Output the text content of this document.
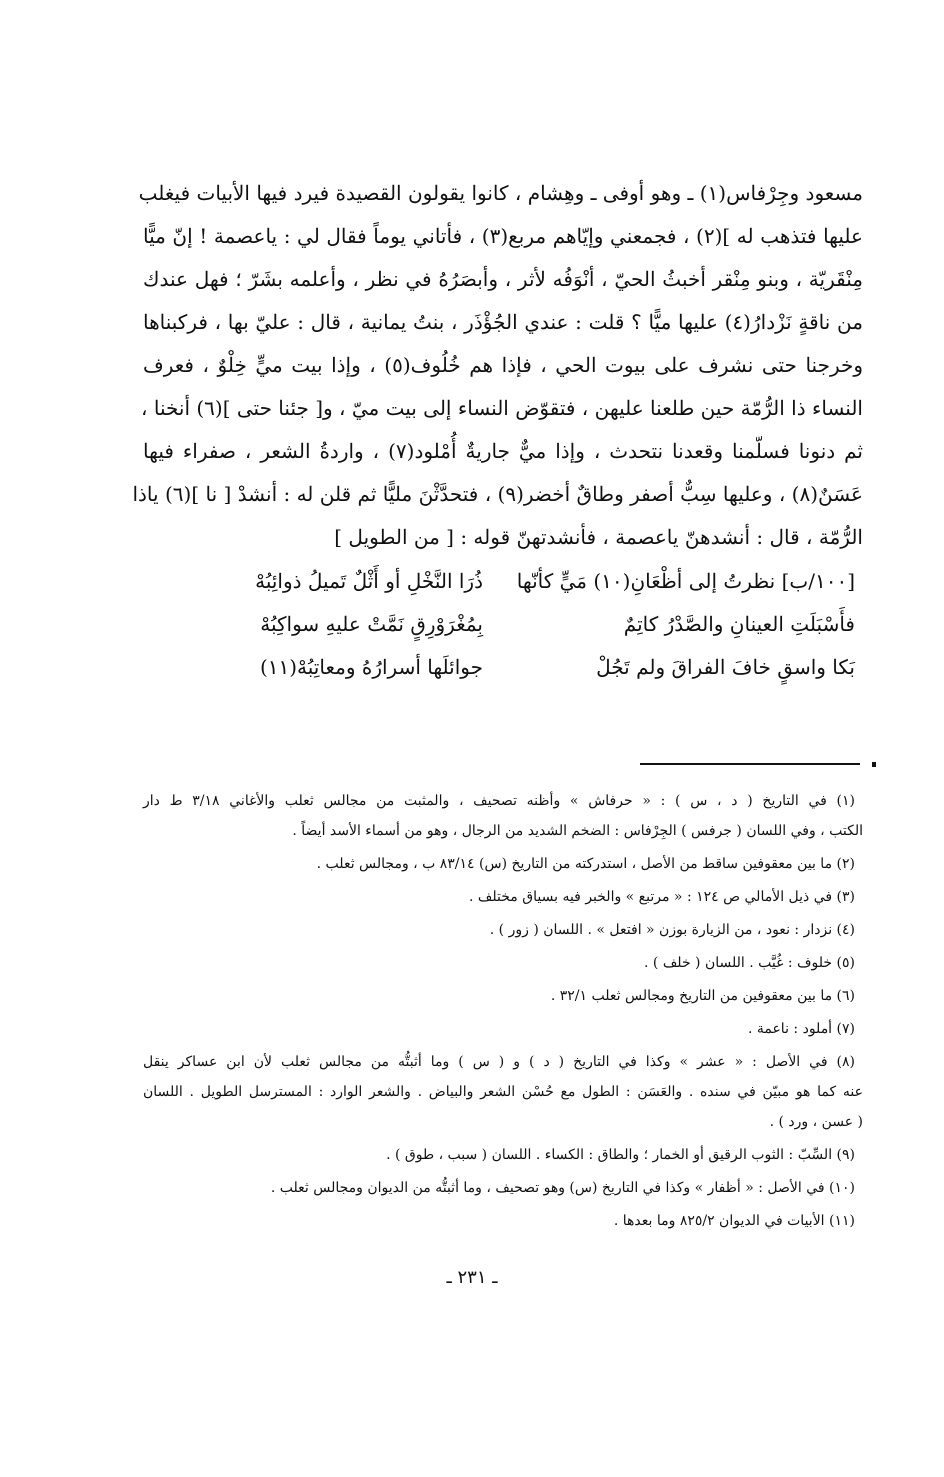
مسعود وجِرْفاس(١) ـ وهو أوفى ـ وهِشام ، كانوا يقولون القصيدة فيرد فيها الأبيات فيغلب
عليها فتذهب له ](٢) ، فجمعني وإيّاهم مربع(٣) ، فأتاني يوماً فقال لي : ياعصمة ! إنّ ميًّا
مِنْقَريّة ، وبنو مِنْقر أخبثُ الحيّ ، أنْوَفُه لأثر ، وأبصَرُهُ في نظر ، وأعلمه بشَرّ ؛ فهل عندك
من ناقةٍ نَزْدارُ(٤) عليها ميًّا ؟ قلت : عندي الجُؤْذَر ، بنتُ يمانية ، قال : عليّ بها ، فركبناها
وخرجنا حتى نشرف على بيوت الحي ، فإذا هم خُلُوف(٥) ، وإذا بيت ميٍّ خِلْوٌ ، فعرف
النساء ذا الرُّمّة حين طلعنا عليهن ، فتقوّض النساء إلى بيت ميّ ، و[ جئنا حتى ](٦) أنخنا ،
ثم دنونا فسلّمنا وقعدنا نتحدث ، وإذا ميٌّ جاريةٌ أُمْلود(٧) ، واردةُ الشعر ، صفراء فيها
عَسَنٌ(٨) ، وعليها سِبٌّ أصفر وطاقٌ أخضر(٩) ، فتحدَّثْنَ مليًّا ثم قلن له : أنشدْ [ نا ](٦) ياذا
الرُّمّة ، قال : أنشدهنّ ياعصمة ، فأنشدتهنّ قوله : [ من الطويل ]
[١٠٠/ب] نظرتُ إلى أظْعَانِ(١٠) مَيٍّ كأنّها
ذُرَا النَّخْلِ أو أَثْلٌ تَميلُ ذوائِبُهْ
فأَسْبَلَتِ العينانِ والصَّدْرُ كاتِمٌ
بِمُغْرَوْرِقٍ نَمَّتْ عليهِ سواكِبُهْ
بَكا واسقٍ خافَ الفراقَ ولم تَجُلْ
جوائلَها أسرارُهُ ومعاتِبُهْ(١١)
(١) في التاريخ ( د ، س ) : « حرفاش » وأظنه تصحيف ، والمثبت من مجالس ثعلب والأغاني ٣/١٨ ط دار
الكتب ، وفي اللسان ( جرفس ) الجِرْفاس : الضخم الشديد من الرجال ، وهو من أسماء الأسد أيضاً .
(٢) ما بين معقوفين ساقط من الأصل ، استدركته من التاريخ (س) ٨٣/١٤ ب ، ومجالس ثعلب .
(٣) في ذيل الأمالي ص ١٢٤ : « مرتبع » والخبر فيه بسياق مختلف .
(٤) نزدار : نعود ، من الزيارة بوزن « افتعل » . اللسان ( زور ) .
(٥) خلوف : غُيَّب . اللسان ( خلف ) .
(٦) ما بين معقوفين من التاريخ ومجالس ثعلب ٣٢/١ .
(٧) أملود : ناعمة .
(٨) في الأصل : « عشر » وكذا في التاريخ ( د ) و ( س ) وما أثبتُّه من مجالس ثعلب لأن ابن عساكر ينقل
عنه كما هو مبيّن في سنده . والعَسَن : الطول مع حُسْن الشعر والبياض . والشعر الوارد : المسترسل الطويل . اللسان
( عسن ، ورد ) .
(٩) السِّبّ : الثوب الرقيق أو الخمار ؛ والطاق : الكساء . اللسان ( سبب ، طوق ) .
(١٠) في الأصل : « أظفار » وكذا في التاريخ (س) وهو تصحيف ، وما أثبتُّه من الديوان ومجالس ثعلب .
(١١) الأبيات في الديوان ٨٢٥/٢ وما بعدها .
ـ ٢٣١ ـ
